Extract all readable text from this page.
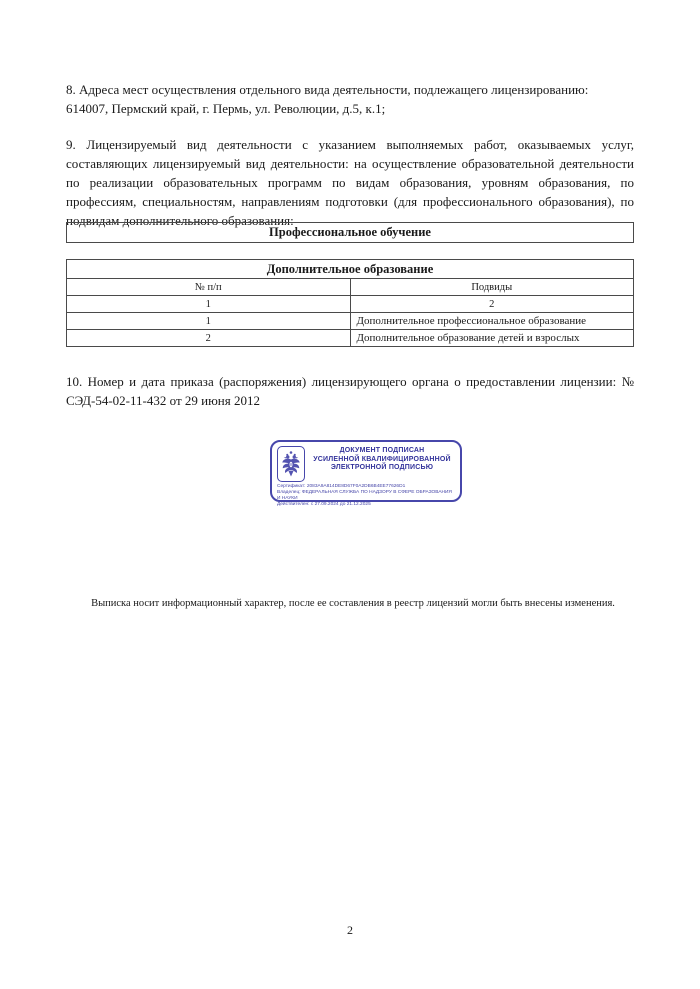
8. Адреса мест осуществления отдельного вида деятельности, подлежащего лицензированию:
614007, Пермский край, г. Пермь, ул. Революции, д.5, к.1;
9. Лицензируемый вид деятельности с указанием выполняемых работ, оказываемых услуг, составляющих лицензируемый вид деятельности: на осуществление образовательной деятельности по реализации образовательных программ по видам образования, уровням образования, по профессиям, специальностям, направлениям подготовки (для профессионального образования), по подвидам дополнительного образования:
Профессиональное обучение
Дополнительное образование	
№ п/п	Подвиды
1	2
1	Дополнительное профессиональное образование
2	Дополнительное образование детей и взрослых
10. Номер и дата приказа (распоряжения) лицензирующего органа о предоставлении лицензии: № СЭД-54-02-11-432 от 29 июня 2012
ДОКУМЕНТ ПОДПИСАН
УСИЛЕННОЙ КВАЛИФИЦИРОВАННОЙ
ЭЛЕКТРОННОЙ ПОДПИСЬЮ
Сертификат: 2083A9A814DE8D67F0A2DB6B4EE77626D1
Владелец: ФЕДЕРАЛЬНАЯ СЛУЖБА ПО НАДЗОРУ В СФЕРЕ ОБРАЗОВАНИЯ И НАУКИ
Действителен: с 27.09.2024 до 21.12.2025
Выписка носит информационный характер, после ее составления в реестр лицензий могли быть внесены изменения.
2
